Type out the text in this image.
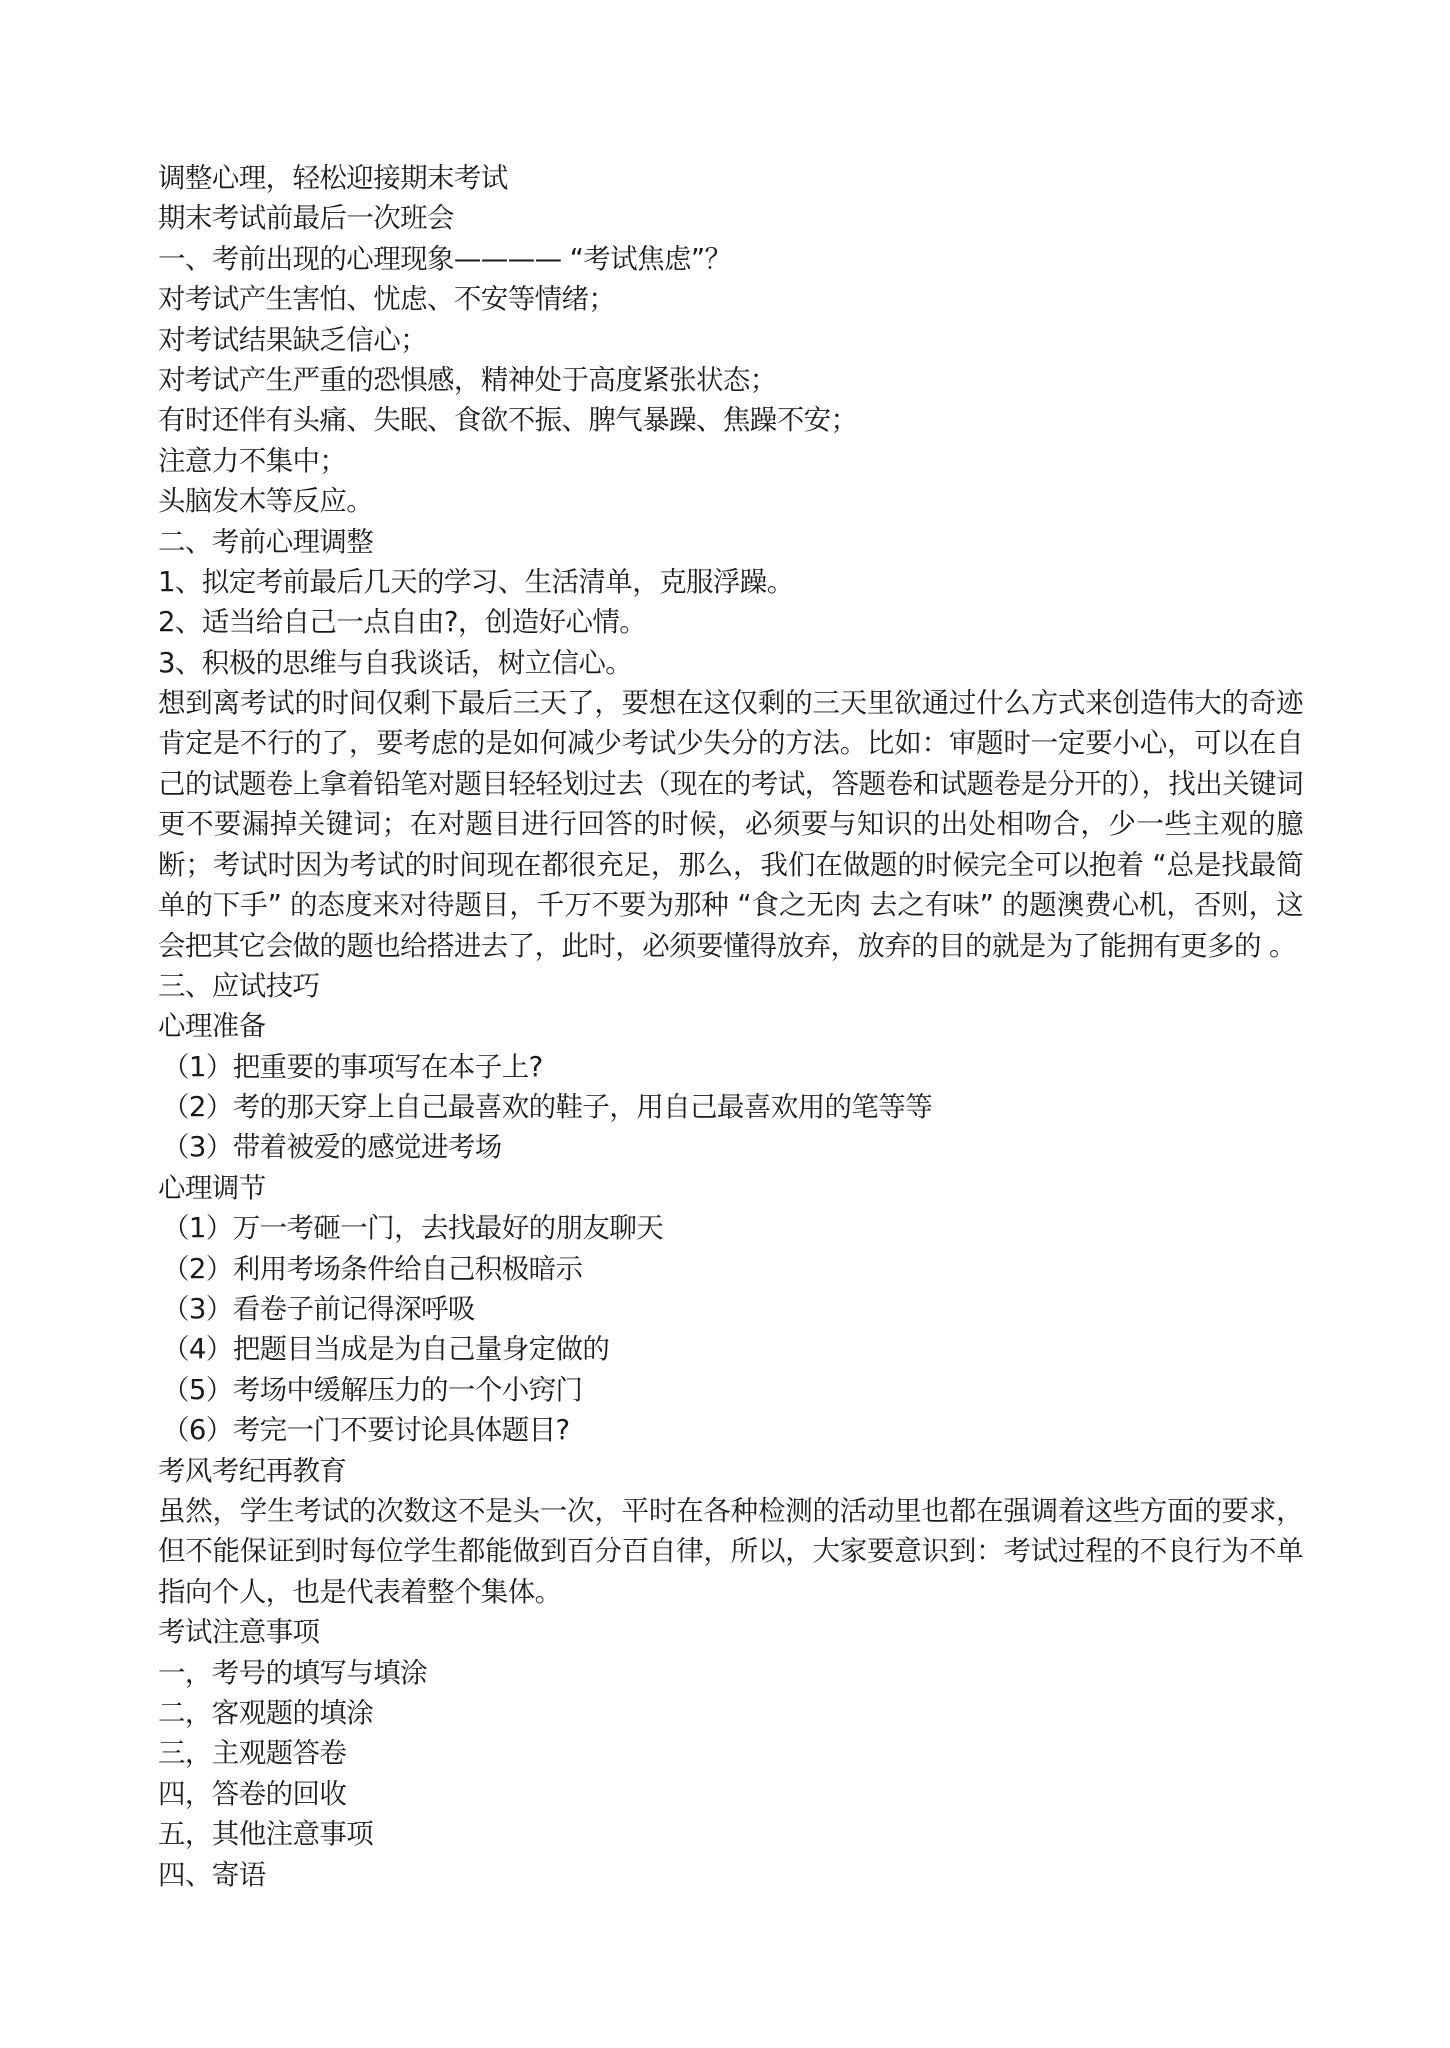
调整心理，轻松迎接期末考试
期末考试前最后一次班会
一、考前出现的心理现象———— “考试焦虑”？
对考试产生害怕、忧虑、不安等情绪；
对考试结果缺乏信心；
对考试产生严重的恐惧感，精神处于高度紧张状态；
有时还伴有头痛、失眠、食欲不振、脾气暴躁、焦躁不安；
注意力不集中；
头脑发木等反应。
二、考前心理调整
1、拟定考前最后几天的学习、生活清单，克服浮躁。
2、适当给自己一点自由?，创造好心情。
3、积极的思维与自我谈话，树立信心。
想到离考试的时间仅剩下最后三天了，要想在这仅剩的三天里欲通过什么方式来创造伟大的奇迹肯定是不行的了，要考虑的是如何减少考试少失分的方法。比如：审题时一定要小心，可以在自己的试题卷上拿着铅笔对题目轻轻划过去（现在的考试，答题卷和试题卷是分开的），找出关键词更不要漏掉关键词；在对题目进行回答的时候，必须要与知识的出处相吻合，少一些主观的臆断；考试时因为考试的时间现在都很充足，那么，我们在做题的时候完全可以抱着 “总是找最简单的下手” 的态度来对待题目，千万不要为那种 “食之无肉 去之有味” 的题澳费心机，否则，这会把其它会做的题也给搭进去了，此时，必须要懂得放弃，放弃的目的就是为了能拥有更多的 。
三、应试技巧
心理准备
（1）把重要的事项写在本子上?
（2）考的那天穿上自己最喜欢的鞋子，用自己最喜欢用的笔等等
（3）带着被爱的感觉进考场
心理调节
（1）万一考砸一门，去找最好的朋友聊天
（2）利用考场条件给自己积极暗示
（3）看卷子前记得深呼吸
（4）把题目当成是为自己量身定做的
（5）考场中缓解压力的一个小窍门
（6）考完一门不要讨论具体题目?
考风考纪再教育
虽然，学生考试的次数这不是头一次，平时在各种检测的活动里也都在强调着这些方面的要求，但不能保证到时每位学生都能做到百分百自律，所以，大家要意识到：考试过程的不良行为不单指向个人，也是代表着整个集体。
考试注意事项
一，考号的填写与填涂
二，客观题的填涂
三，主观题答卷
四，答卷的回收
五，其他注意事项
四、寄语
